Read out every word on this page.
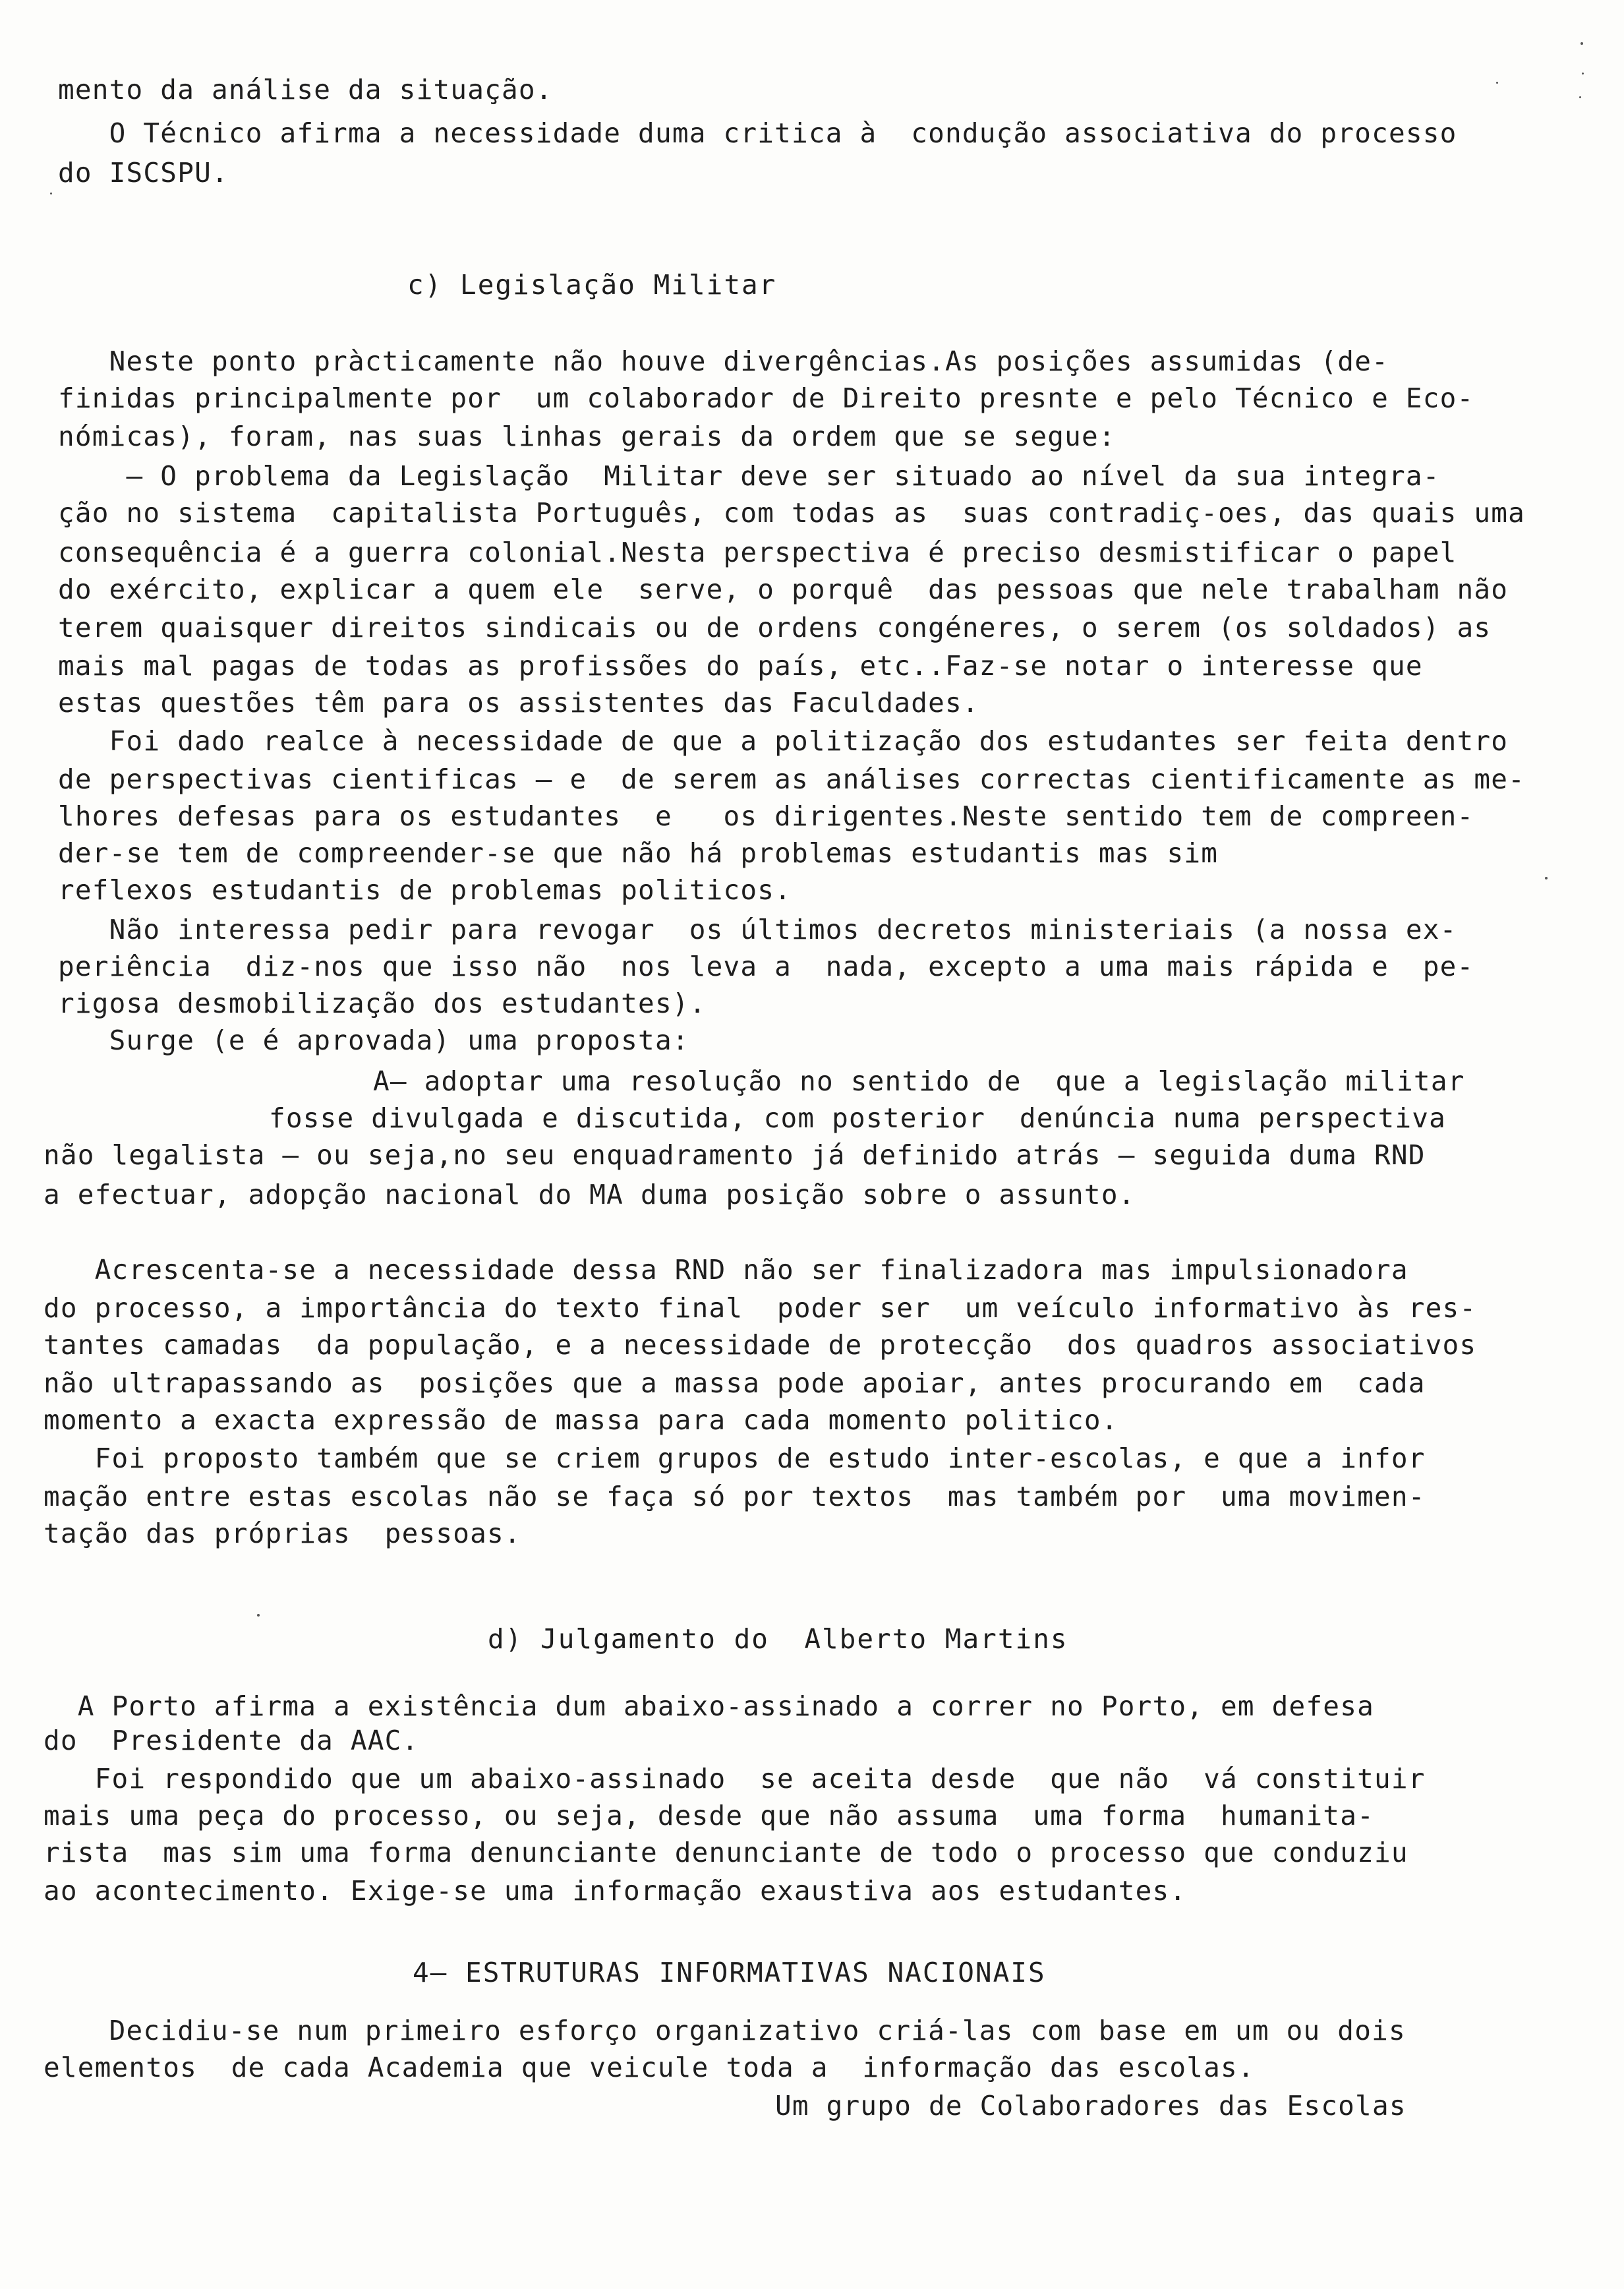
mento da análise da situação.
O Técnico afirma a necessidade duma critica à  condução associativa do processo
do ISCSPU.
c) Legislação Militar
Neste ponto pràcticamente não houve divergências.As posições assumidas (de-
finidas principalmente por  um colaborador de Direito presnte e pelo Técnico e Eco-
nómicas), foram, nas suas linhas gerais da ordem que se segue:
— O problema da Legislação  Militar deve ser situado ao nível da sua integra-
ção no sistema  capitalista Português, com todas as  suas contradiç-oes, das quais uma
consequência é a guerra colonial.Nesta perspectiva é preciso desmistificar o papel
do exército, explicar a quem ele  serve, o porquê  das pessoas que nele trabalham não
terem quaisquer direitos sindicais ou de ordens congéneres, o serem (os soldados) as
mais mal pagas de todas as profissões do país, etc..Faz-se notar o interesse que
estas questões têm para os assistentes das Faculdades.
Foi dado realce à necessidade de que a politização dos estudantes ser feita dentro
de perspectivas cientificas — e  de serem as análises correctas cientificamente as me-
lhores defesas para os estudantes  e   os dirigentes.Neste sentido tem de compreen-
der-se tem de compreender-se que não há problemas estudantis mas sim
reflexos estudantis de problemas politicos.
Não interessa pedir para revogar  os últimos decretos ministeriais (a nossa ex-
periência  diz-nos que isso não  nos leva a  nada, excepto a uma mais rápida e  pe-
rigosa desmobilização dos estudantes).
Surge (e é aprovada) uma proposta:
A— adoptar uma resolução no sentido de  que a legislação militar
fosse divulgada e discutida, com posterior  denúncia numa perspectiva
não legalista — ou seja,no seu enquadramento já definido atrás — seguida duma RND
a efectuar, adopção nacional do MA duma posição sobre o assunto.
Acrescenta-se a necessidade dessa RND não ser finalizadora mas impulsionadora
do processo, a importância do texto final  poder ser  um veículo informativo às res-
tantes camadas  da população, e a necessidade de protecção  dos quadros associativos
não ultrapassando as  posições que a massa pode apoiar, antes procurando em  cada
momento a exacta expressão de massa para cada momento politico.
Foi proposto também que se criem grupos de estudo inter-escolas, e que a infor
mação entre estas escolas não se faça só por textos  mas também por  uma movimen-
tação das próprias  pessoas.
d) Julgamento do  Alberto Martins
A Porto afirma a existência dum abaixo-assinado a correr no Porto, em defesa
do  Presidente da AAC.
Foi respondido que um abaixo-assinado  se aceita desde  que não  vá constituir
mais uma peça do processo, ou seja, desde que não assuma  uma forma  humanita-
rista  mas sim uma forma denunciante denunciante de todo o processo que conduziu
ao acontecimento. Exige-se uma informação exaustiva aos estudantes.
4— ESTRUTURAS INFORMATIVAS NACIONAIS
Decidiu-se num primeiro esforço organizativo criá-las com base em um ou dois
elementos  de cada Academia que veicule toda a  informação das escolas.
Um grupo de Colaboradores das Escolas
